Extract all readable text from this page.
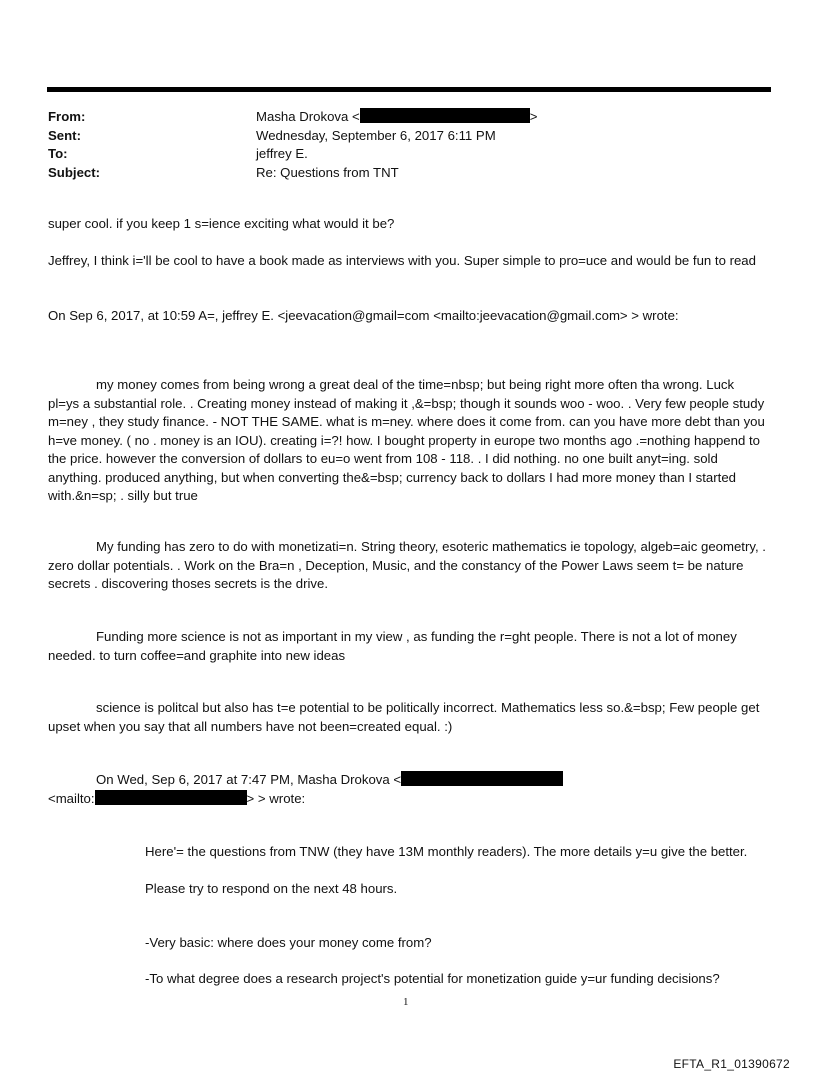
From:	Masha Drokova <	>
Sent:	Wednesday, September 6, 2017 6:11 PM
To:	jeffrey E.
Subject:	Re: Questions from TNT

super cool. if you keep 1 s=ience exciting what would it be?

Jeffrey, I think i='ll be cool to have a book made as interviews with you. Super simple to pro=uce and would be fun to read

On Sep 6, 2017, at 10:59 A=, jeffrey E. <jeevacation@gmail=com <mailto:jeevacation@gmail.com> > wrote:

my money comes from being wrong a great deal of the time=nbsp; but being right more often tha wrong. Luck pl=ys a substantial role. . Creating money instead of making it ,&=bsp; though it sounds woo - woo. . Very few people study m=ney , they study finance. - NOT THE SAME. what is m=ney. where does it come from. can you have more debt than you h=ve money. ( no . money is an IOU). creating i=?! how. I bought property in europe two months ago .=nothing happend to the price. however the conversion of dollars to eu=o went from 108 - 118. . I did nothing. no one built anyt=ing. sold anything. produced anything, but when converting the&=bsp; currency back to dollars I had more money than I started with.&n=sp; . silly but true

My funding has zero to do with monetizati=n. String theory, esoteric mathematics ie topology, algeb=aic geometry, . zero dollar potentials. . Work on the Bra=n , Deception, Music, and the constancy of the Power Laws seem t= be nature secrets . discovering thoses secrets is the drive.

Funding more science is not as important in my view , as funding the r=ght people. There is not a lot of money needed. to turn coffee=and graphite into new ideas

science is politcal but also has t=e potential to be politically incorrect. Mathematics less so.&=bsp; Few people get upset when you say that all numbers have not been=created equal. :)

On Wed, Sep 6, 2017 at 7:47 PM, Masha Drokova <
<mailto:	> > wrote:

Here'= the questions from TNW (they have 13M monthly readers). The more details y=u give the better.

Please try to respond on the next 48 hours.

-Very basic: where does your money come from?

-To what degree does a research project's potential for monetization guide y=ur funding decisions?

1
EFTA_R1_01390672
